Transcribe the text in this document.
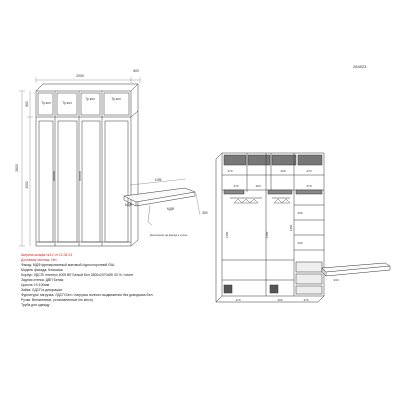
284523
2000
500
2800
800
2000
Тр.кол	Тр.кол
Тр.кол	Тр.кол
1195
550
МДФ
МДФ
Крепление на фасад к стене
470	400	470
470	400	470
1450	1450
1450
330
330
470	400	470
330
Ширина шкафа №12 от 12.06.24
Доставка/ монтаж: Нет
Фасад: МДФ фрезерованный матовый /односторонний RAL
Модель фасада: Классика
Корпус: ЛДСП/ плинтус 4005 ВЕ Белый Бел 2800х2070х55 33 % / плинт
Задняя стенка: ДВП Белая
Цоколь: H=100мм
Зайка: ЛДСП в декорации
Фурнитура/ нагрузка: ЛДСП Бел / нагрузка полного выдвижения без доводчика Бел.
Ручки: Вензелевые, установленные /по месту
Труба для одежду
